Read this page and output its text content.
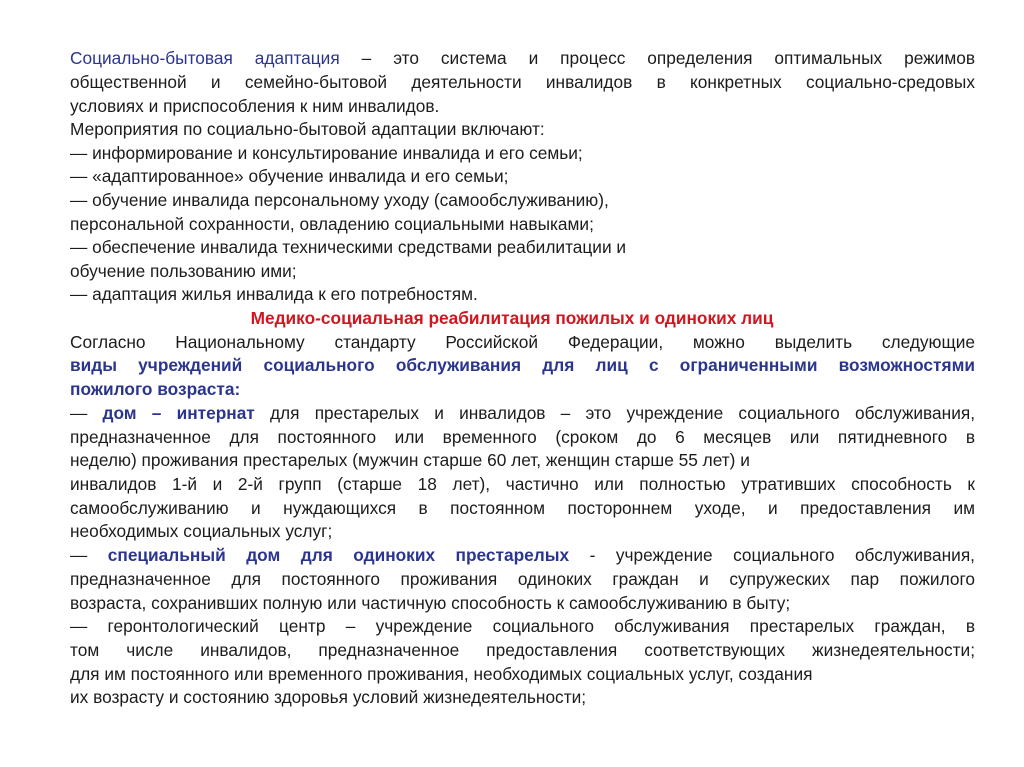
Социально-бытовая адаптация – это система и процесс определения оптимальных режимов
общественной и семейно-бытовой деятельности инвалидов в конкретных социально-средовых
условиях и приспособления к ним инвалидов.
Мероприятия по социально-бытовой адаптации включают:
— информирование и консультирование инвалида и его семьи;
— «адаптированное» обучение инвалида и его семьи;
— обучение инвалида персональному уходу (самообслуживанию),
персональной сохранности, овладению социальными навыками;
— обеспечение инвалида техническими средствами реабилитации и
обучение пользованию ими;
— адаптация жилья инвалида к его потребностям.
Медико-социальная реабилитация пожилых и одиноких лиц
Согласно Национальному стандарту Российской Федерации, можно выделить следующие
виды учреждений социального обслуживания для лиц с ограниченными возможностями
пожилого возраста:
— дом – интернат для престарелых и инвалидов – это учреждение социального обслуживания,
предназначенное для постоянного или временного (сроком до 6 месяцев или пятидневного в
неделю) проживания престарелых (мужчин старше 60 лет, женщин старше 55 лет) и
инвалидов 1-й и 2-й групп (старше 18 лет), частично или полностью утративших способность к
самообслуживанию и нуждающихся в постоянном постороннем уходе, и предоставления им
необходимых социальных услуг;
— специальный дом для одиноких престарелых - учреждение социального обслуживания,
предназначенное для постоянного проживания одиноких граждан и супружеских пар пожилого
возраста, сохранивших полную или частичную способность к самообслуживанию в быту;
— геронтологический центр – учреждение социального обслуживания престарелых граждан, в
том числе инвалидов, предназначенное предоставления соответствующих жизнедеятельности;
для им постоянного или временного проживания, необходимых социальных услуг, создания
их возрасту и состоянию здоровья условий жизнедеятельности;
